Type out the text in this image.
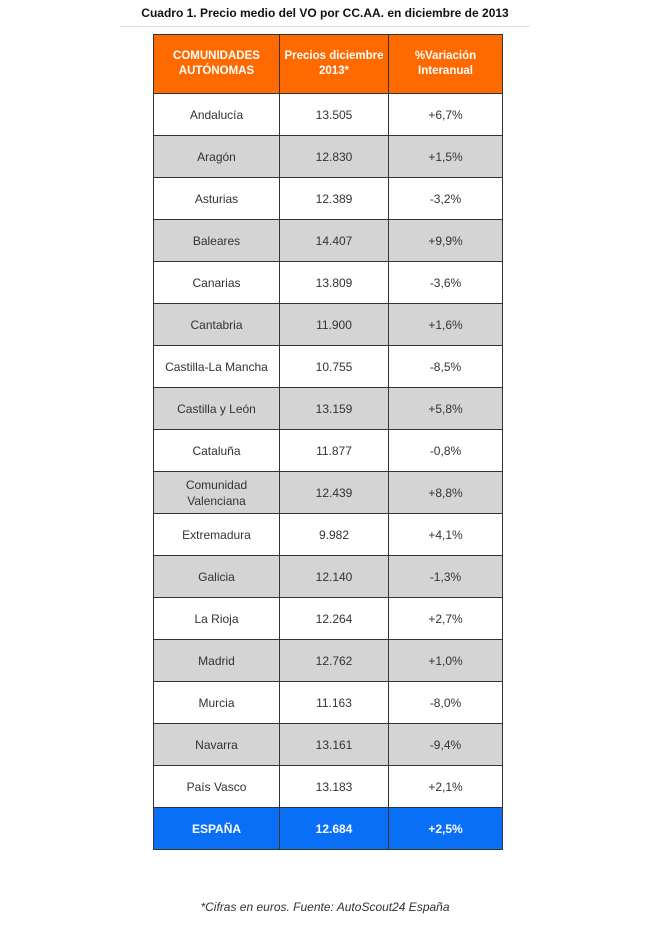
Cuadro 1. Precio medio del VO por CC.AA. en diciembre de 2013
COMUNIDADES AUTÓNOMAS	Precios diciembre 2013*	%Variación Interanual
Andalucía	13.505	+6,7%
Aragón	12.830	+1,5%
Asturias	12.389	-3,2%
Baleares	14.407	+9,9%
Canarias	13.809	-3,6%
Cantabria	11.900	+1,6%
Castilla-La Mancha	10.755	-8,5%
Castilla y León	13.159	+5,8%
Cataluña	11.877	-0,8%
Comunidad Valenciana	12.439	+8,8%
Extremadura	9.982	+4,1%
Galicia	12.140	-1,3%
La Rioja	12.264	+2,7%
Madrid	12.762	+1,0%
Murcia	11.163	-8,0%
Navarra	13.161	-9,4%
País Vasco	13.183	+2,1%
ESPAÑA	12.684	+2,5%
*Cifras en euros. Fuente: AutoScout24 España
